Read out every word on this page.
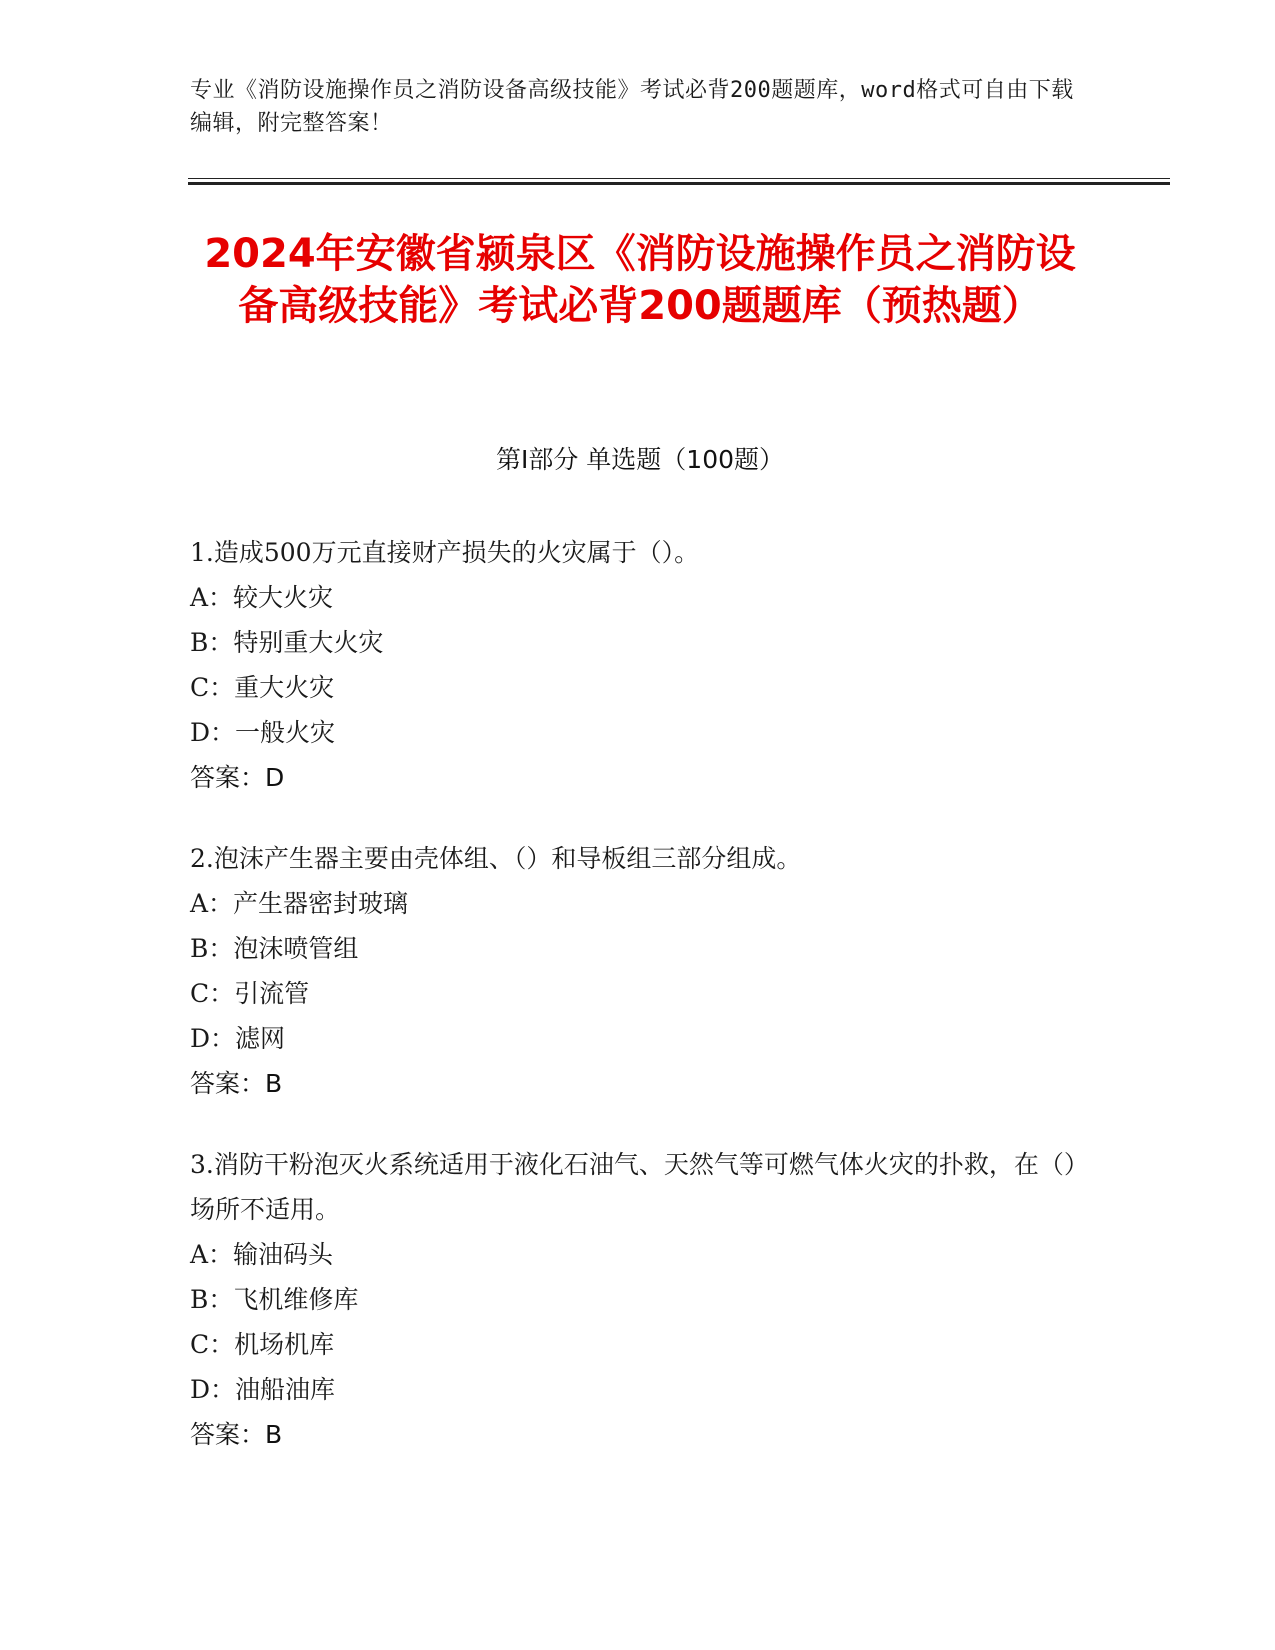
专业《消防设施操作员之消防设备高级技能》考试必背200题题库，word格式可自由下载编辑，附完整答案！
2024年安徽省颍泉区《消防设施操作员之消防设备高级技能》考试必背200题题库（预热题）
第Ⅰ部分 单选题（100题）
1.造成500万元直接财产损失的火灾属于（）。
A：较大火灾
B：特别重大火灾
C：重大火灾
D：一般火灾
答案：D
2.泡沫产生器主要由壳体组、（）和导板组三部分组成。
A：产生器密封玻璃
B：泡沫喷管组
C：引流管
D：滤网
答案：B
3.消防干粉泡灭火系统适用于液化石油气、天然气等可燃气体火灾的扑救，在（）场所不适用。
A：输油码头
B：飞机维修库
C：机场机库
D：油船油库
答案：B
